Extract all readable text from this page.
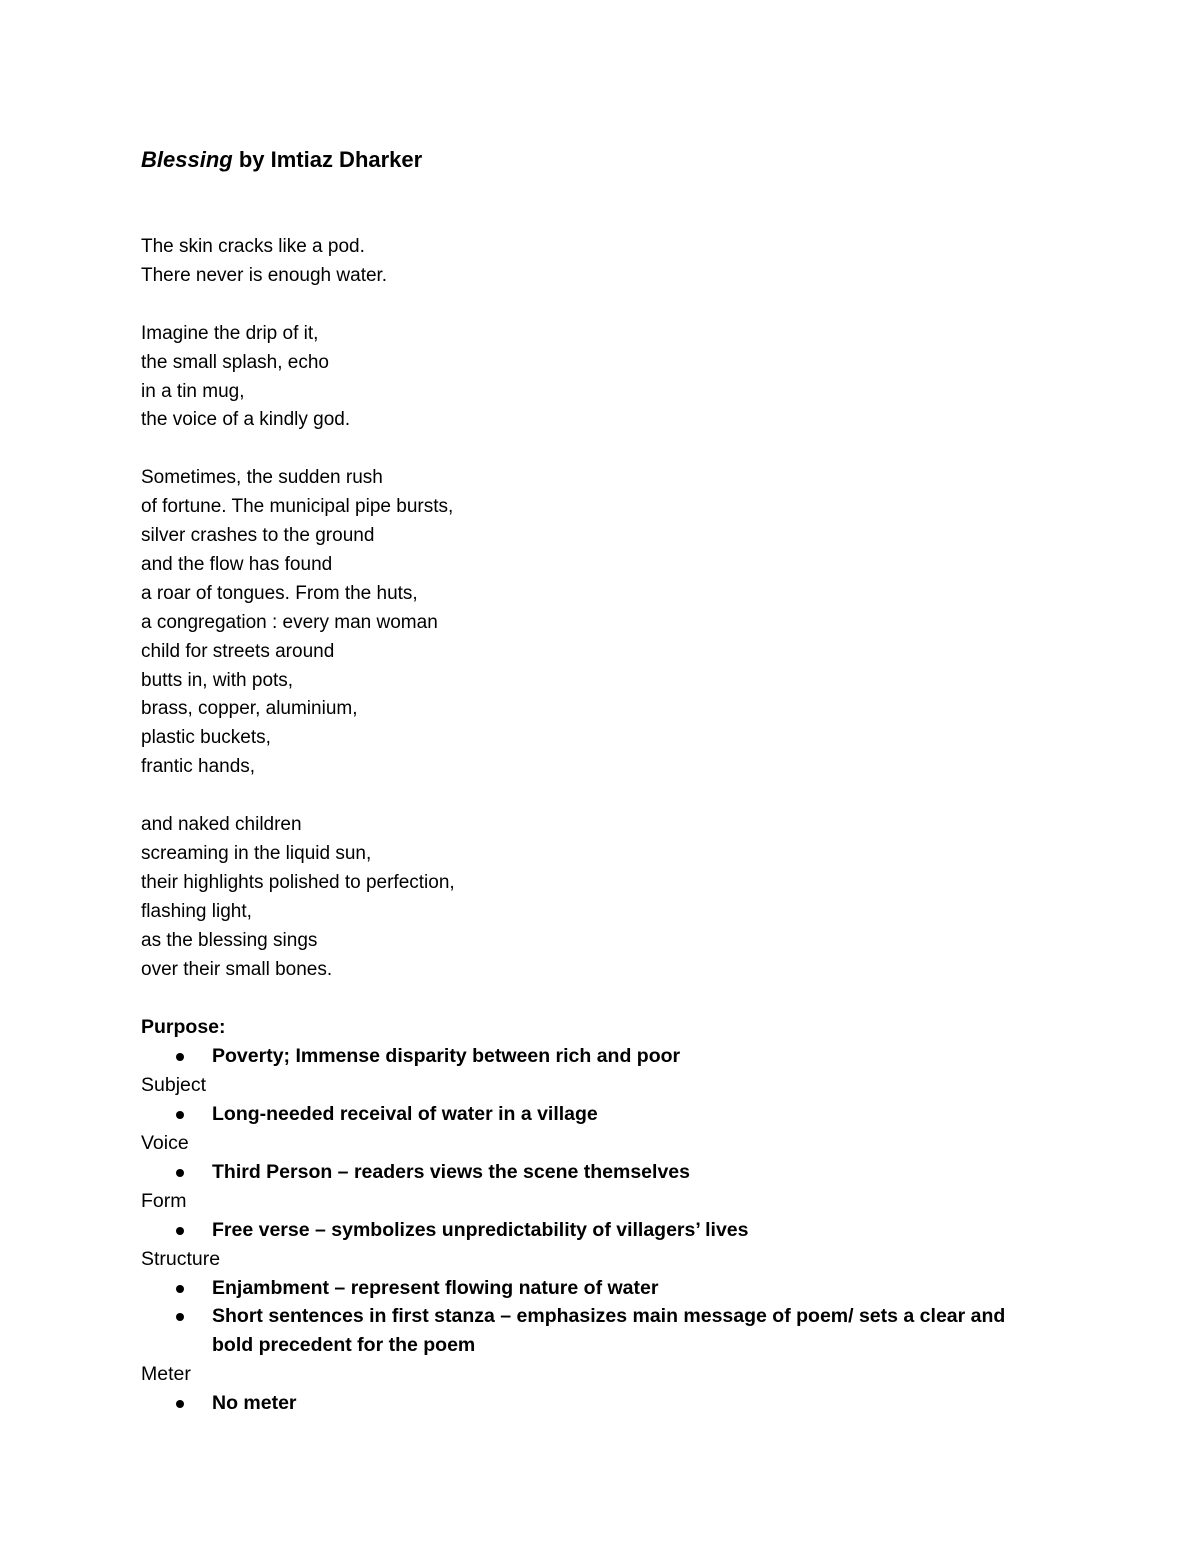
Blessing by Imtiaz Dharker
The skin cracks like a pod.
There never is enough water.
Imagine the drip of it,
the small splash, echo
in a tin mug,
the voice of a kindly god.
Sometimes, the sudden rush
of fortune. The municipal pipe bursts,
silver crashes to the ground
and the flow has found
a roar of tongues. From the huts,
a congregation : every man woman
child for streets around
butts in, with pots,
brass, copper, aluminium,
plastic buckets,
frantic hands,
and naked children
screaming in the liquid sun,
their highlights polished to perfection,
flashing light,
as the blessing sings
over their small bones.
Purpose:
Poverty; Immense disparity between rich and poor
Subject
Long-needed receival of water in a village
Voice
Third Person – readers views the scene themselves
Form
Free verse – symbolizes unpredictability of villagers’ lives
Structure
Enjambment – represent flowing nature of water
Short sentences in first stanza – emphasizes main message of poem/ sets a clear and bold precedent for the poem
Meter
No meter
